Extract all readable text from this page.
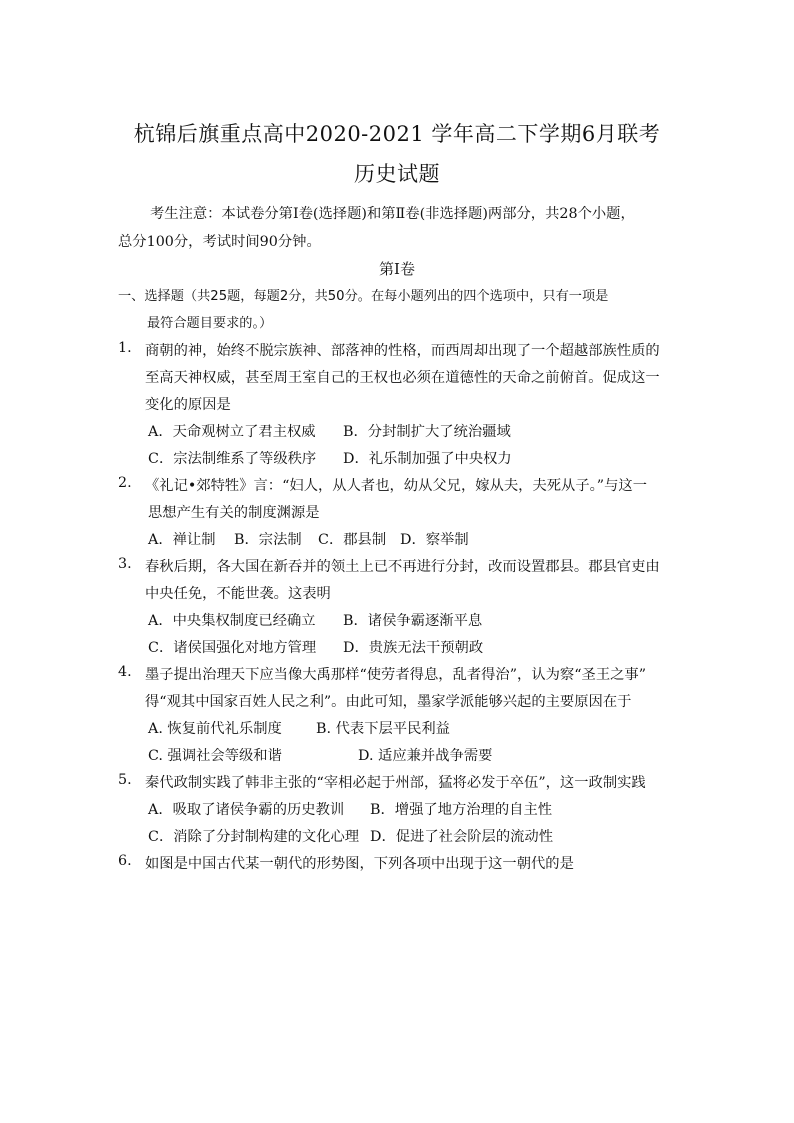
杭锦后旗重点高中2020-2021 学年高二下学期6月联考
历史试题
考生注意：本试卷分第Ⅰ卷(选择题)和第Ⅱ卷(非选择题)两部分，共28个小题，
总分100分，考试时间90分钟。
第Ⅰ卷
一、选择题（共25题，每题2分，共50分。在每小题列出的四个选项中，只有一项是
最符合题目要求的。）
1. 商朝的神，始终不脱宗族神、部落神的性格，而西周却出现了一个超越部族性质的
至高天神权威，甚至周王室自己的王权也必须在道德性的天命之前俯首。促成这一
变化的原因是
A．天命观树立了君主权威 B．分封制扩大了统治疆域
C．宗法制维系了等级秩序 D．礼乐制加强了中央权力
2. 《礼记•郊特牲》言：“妇人，从人者也，幼从父兄，嫁从夫，夫死从子。”与这一
思想产生有关的制度渊源是
A．禅让制 B．宗法制 C．郡县制 D．察举制
3. 春秋后期，各大国在新吞并的领土上已不再进行分封，改而设置郡县。郡县官吏由
中央任免，不能世袭。这表明
A．中央集权制度已经确立 B．诸侯争霸逐渐平息
C．诸侯国强化对地方管理 D．贵族无法干预朝政
4. 墨子提出治理天下应当像大禹那样“使劳者得息，乱者得治”，认为察“圣王之事”
得“观其中国家百姓人民之利”。由此可知，墨家学派能够兴起的主要原因在于
A. 恢复前代礼乐制度 B. 代表下层平民利益
C. 强调社会等级和谐	D. 适应兼并战争需要
5. 秦代政制实践了韩非主张的“宰相必起于州部，猛将必发于卒伍”，这一政制实践
A．吸取了诸侯争霸的历史教训 B．增强了地方治理的自主性
C．消除了分封制构建的文化心理 D．促进了社会阶层的流动性
6. 如图是中国古代某一朝代的形势图，下列各项中出现于这一朝代的是
